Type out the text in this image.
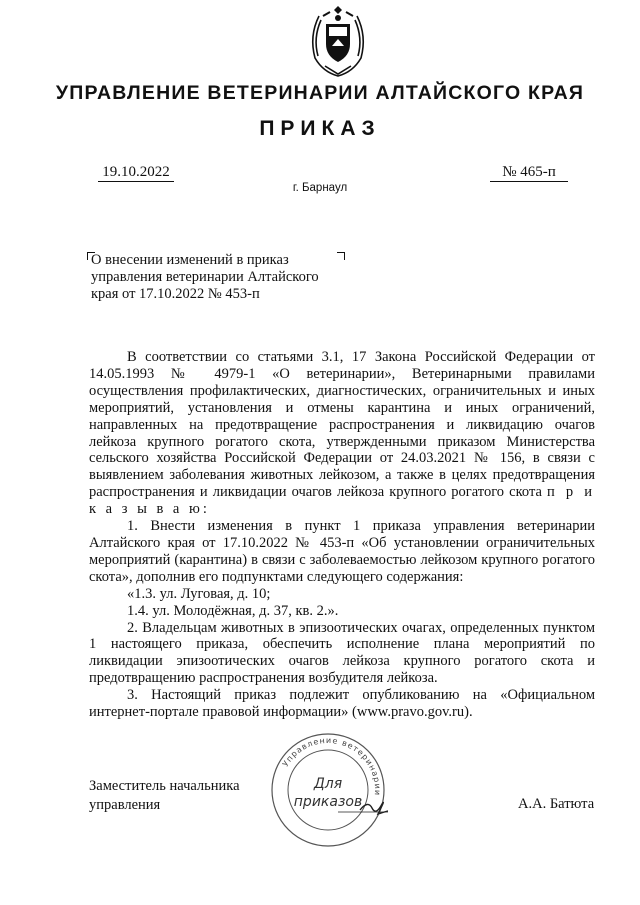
УПРАВЛЕНИЕ ВЕТЕРИНАРИИ АЛТАЙСКОГО КРАЯ
ПРИКАЗ
19.10.2022	№ 465-п
г. Барнаул
О внесении изменений в приказ
управления ветеринарии Алтайского
края от 17.10.2022 № 453-п

В соответствии со статьями 3.1, 17 Закона Российской Федерации от 14.05.1993 № 4979-1 «О ветеринарии», Ветеринарными правилами осуществления профилактических, диагностических, ограничительных и иных мероприятий, установления и отмены карантина и иных ограничений, направленных на предотвращение распространения и ликвидацию очагов лейкоза крупного рогатого скота, утвержденными приказом Министерства сельского хозяйства Российской Федерации от 24.03.2021 № 156, в связи с выявлением заболевания животных лейкозом, а также в целях предотвращения распространения и ликвидации очагов лейкоза крупного рогатого скота п р и к а з ы в а ю:

1. Внести изменения в пункт 1 приказа управления ветеринарии Алтайского края от 17.10.2022 № 453-п «Об установлении ограничительных мероприятий (карантина) в связи с заболеваемостью лейкозом крупного рогатого скота», дополнив его подпунктами следующего содержания:

«1.3. ул. Луговая, д. 10;

1.4. ул. Молодёжная, д. 37, кв. 2.».

2. Владельцам животных в эпизоотических очагах, определенных пунктом 1 настоящего приказа, обеспечить исполнение плана мероприятий по ликвидации эпизоотических очагов лейкоза крупного рогатого скота и предотвращению распространения возбудителя лейкоза.

3. Настоящий приказ подлежит опубликованию на «Официальном интернет-портале правовой информации» (www.pravo.gov.ru).

Заместитель начальника
управления
Управление ветеринарии
Для
приказов	А.А. Батюта
